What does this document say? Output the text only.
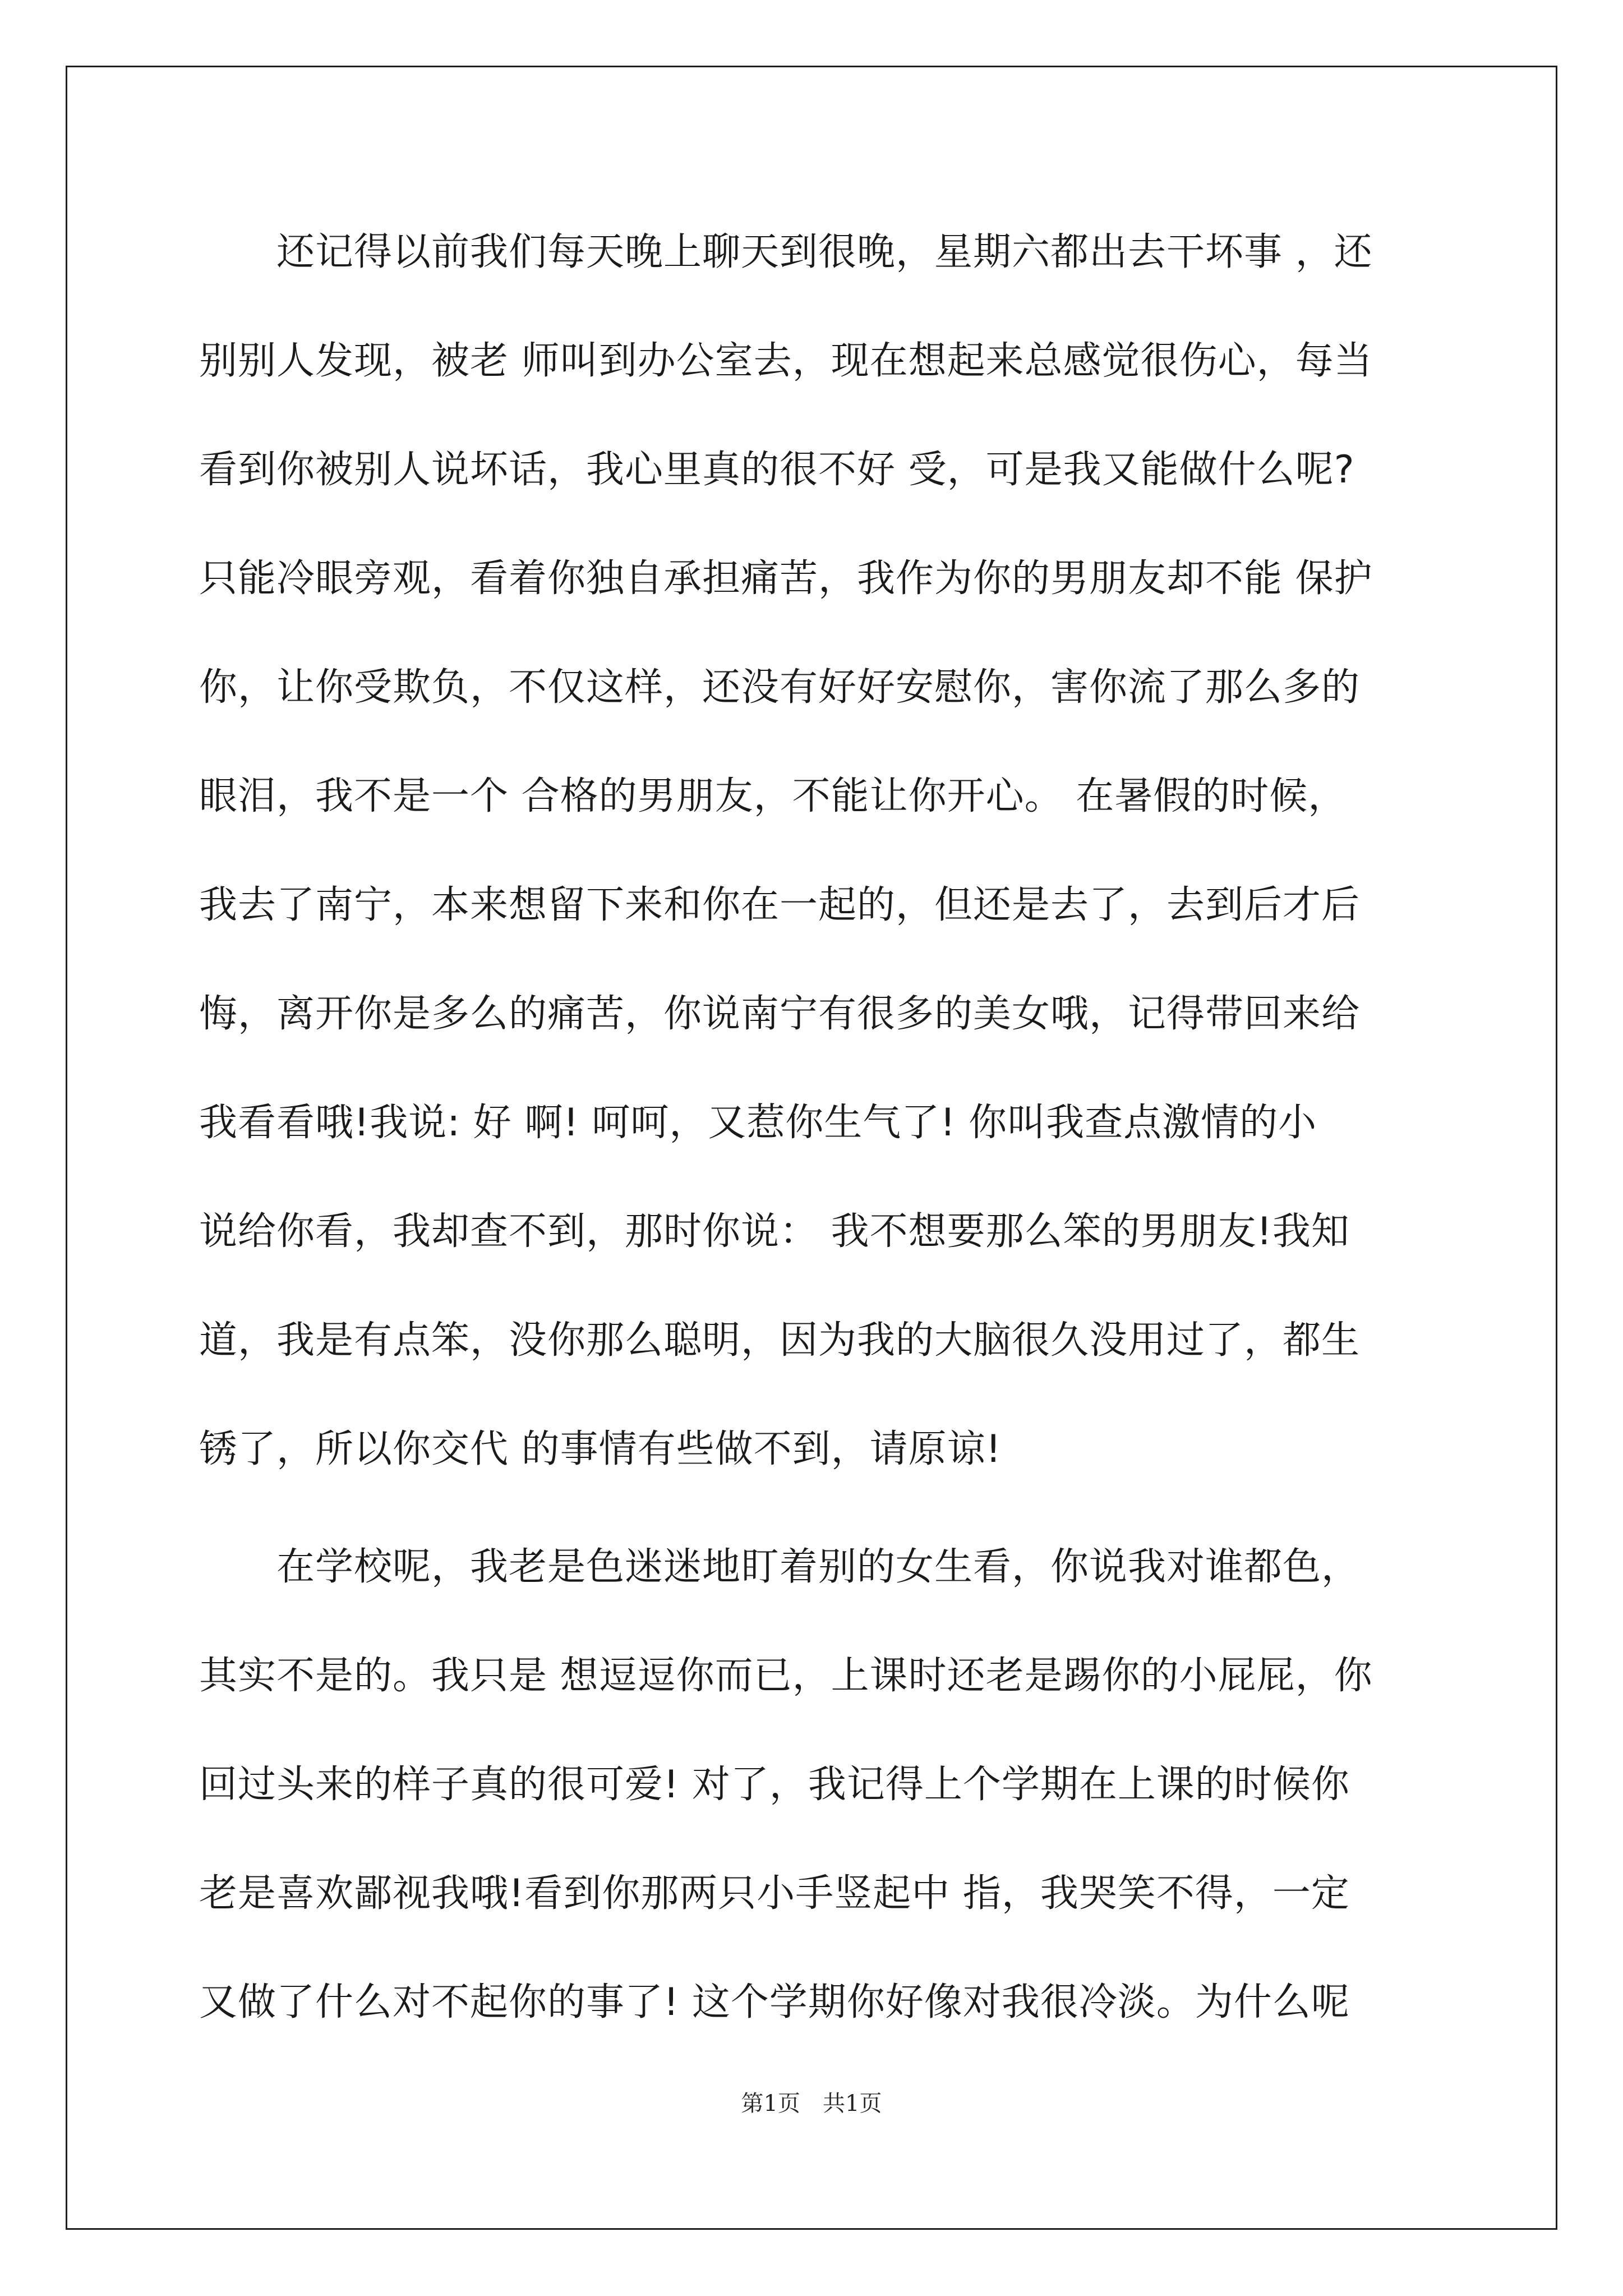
　　还记得以前我们每天晚上聊天到很晚，星期六都出去干坏事 ，还
别别人发现，被老 师叫到办公室去，现在想起来总感觉很伤心，每当
看到你被别人说坏话，我心里真的很不好 受，可是我又能做什么呢?
只能冷眼旁观，看着你独自承担痛苦，我作为你的男朋友却不能 保护
你，让你受欺负，不仅这样，还没有好好安慰你，害你流了那么多的
眼泪，我不是一个 合格的男朋友，不能让你开心。 在暑假的时候，
我去了南宁，本来想留下来和你在一起的，但还是去了，去到后才后
悔，离开你是多么的痛苦，你说南宁有很多的美女哦，记得带回来给
我看看哦!我说: 好 啊! 呵呵，又惹你生气了! 你叫我查点激情的小
说给你看，我却查不到，那时你说： 我不想要那么笨的男朋友!我知
道，我是有点笨，没你那么聪明，因为我的大脑很久没用过了，都生
锈了，所以你交代 的事情有些做不到，请原谅!
　　在学校呢，我老是色迷迷地盯着别的女生看，你说我对谁都色，
其实不是的。我只是 想逗逗你而已，上课时还老是踢你的小屁屁，你
回过头来的样子真的很可爱! 对了，我记得上个学期在上课的时候你
老是喜欢鄙视我哦!看到你那两只小手竖起中 指，我哭笑不得，一定
又做了什么对不起你的事了! 这个学期你好像对我很冷淡。为什么呢
第1页　共1页
